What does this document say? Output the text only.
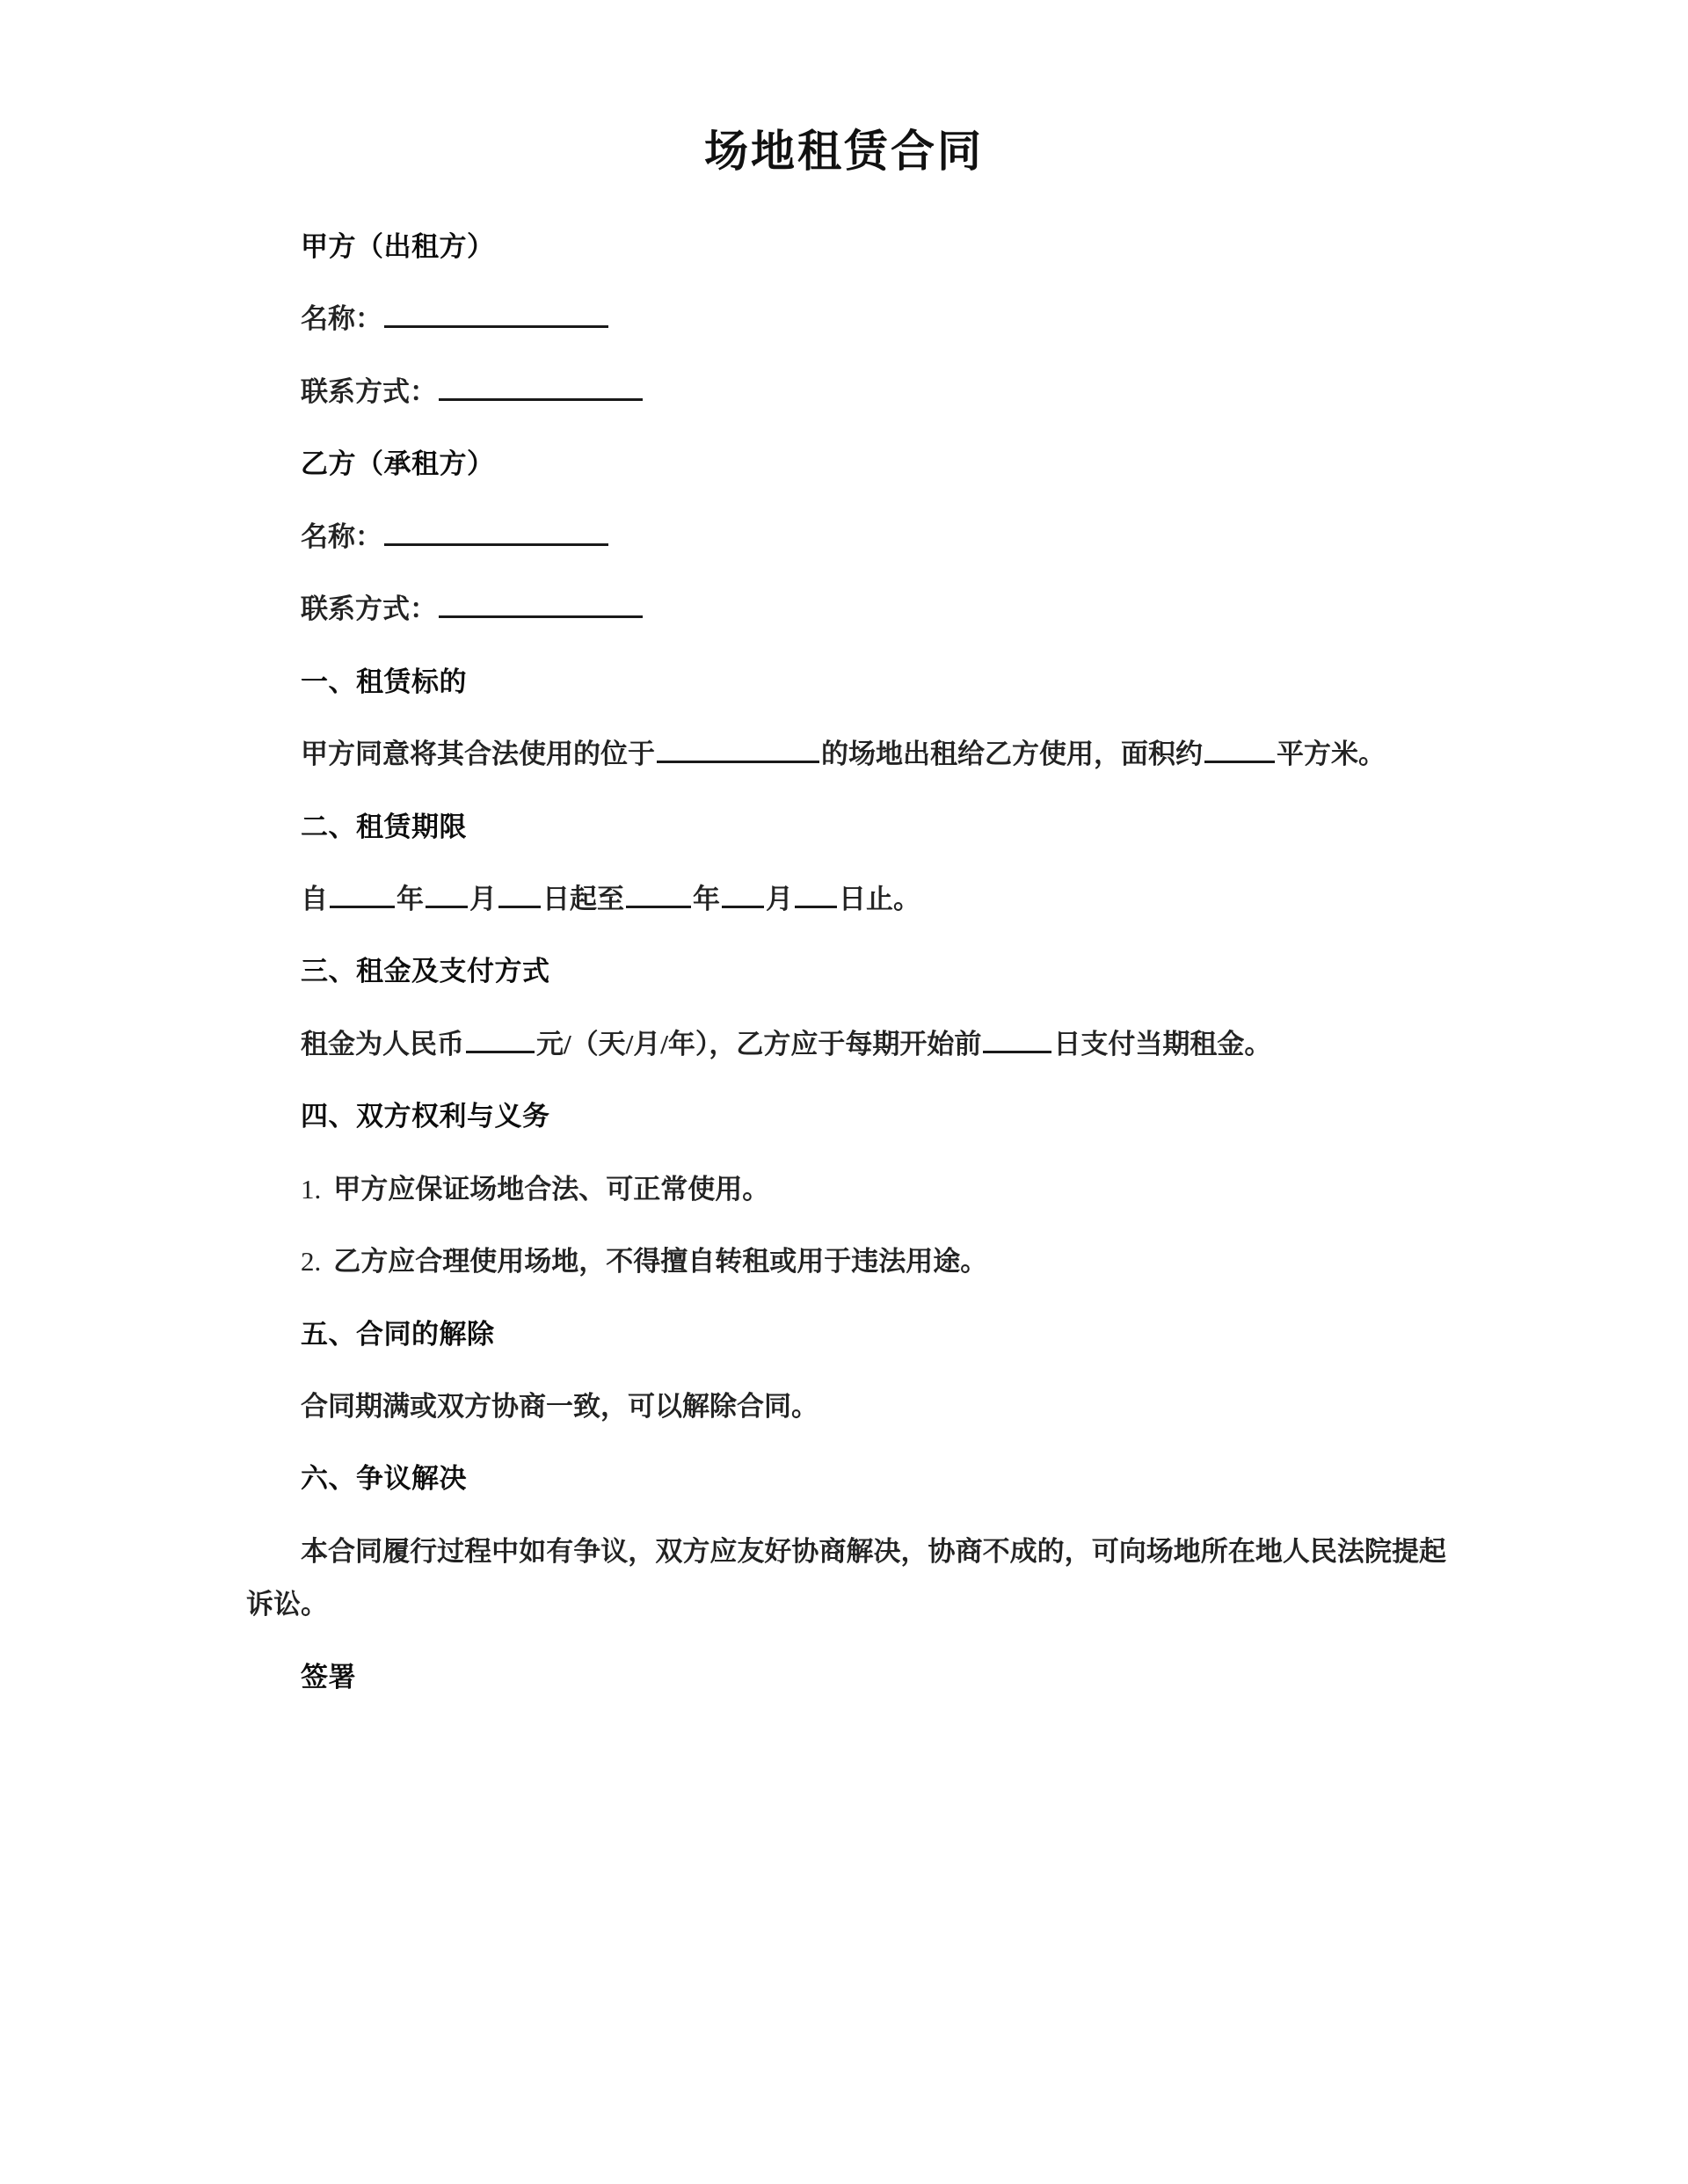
场地租赁合同
甲方（出租方）
名称：
联系方式：
乙方（承租方）
名称：
联系方式：
一、租赁标的

甲方同意将其合法使用的位于	的场地出租给乙方使用，面积约	平方米。

二、租赁期限

自	年 月 日起至	年 月 日止。

三、租金及支付方式

租金为人民币	元/（天/月/年），乙方应于每期开始前	日支付当期租金。

四、双方权利与义务
1. 甲方应保证场地合法、可正常使用。
2. 乙方应合理使用场地，不得擅自转租或用于违法用途。
五、合同的解除

合同期满或双方协商一致，可以解除合同。

六、争议解决

本合同履行过程中如有争议，双方应友好协商解决，协商不成的，可向场地所在地人民法院提起诉讼。

签署
